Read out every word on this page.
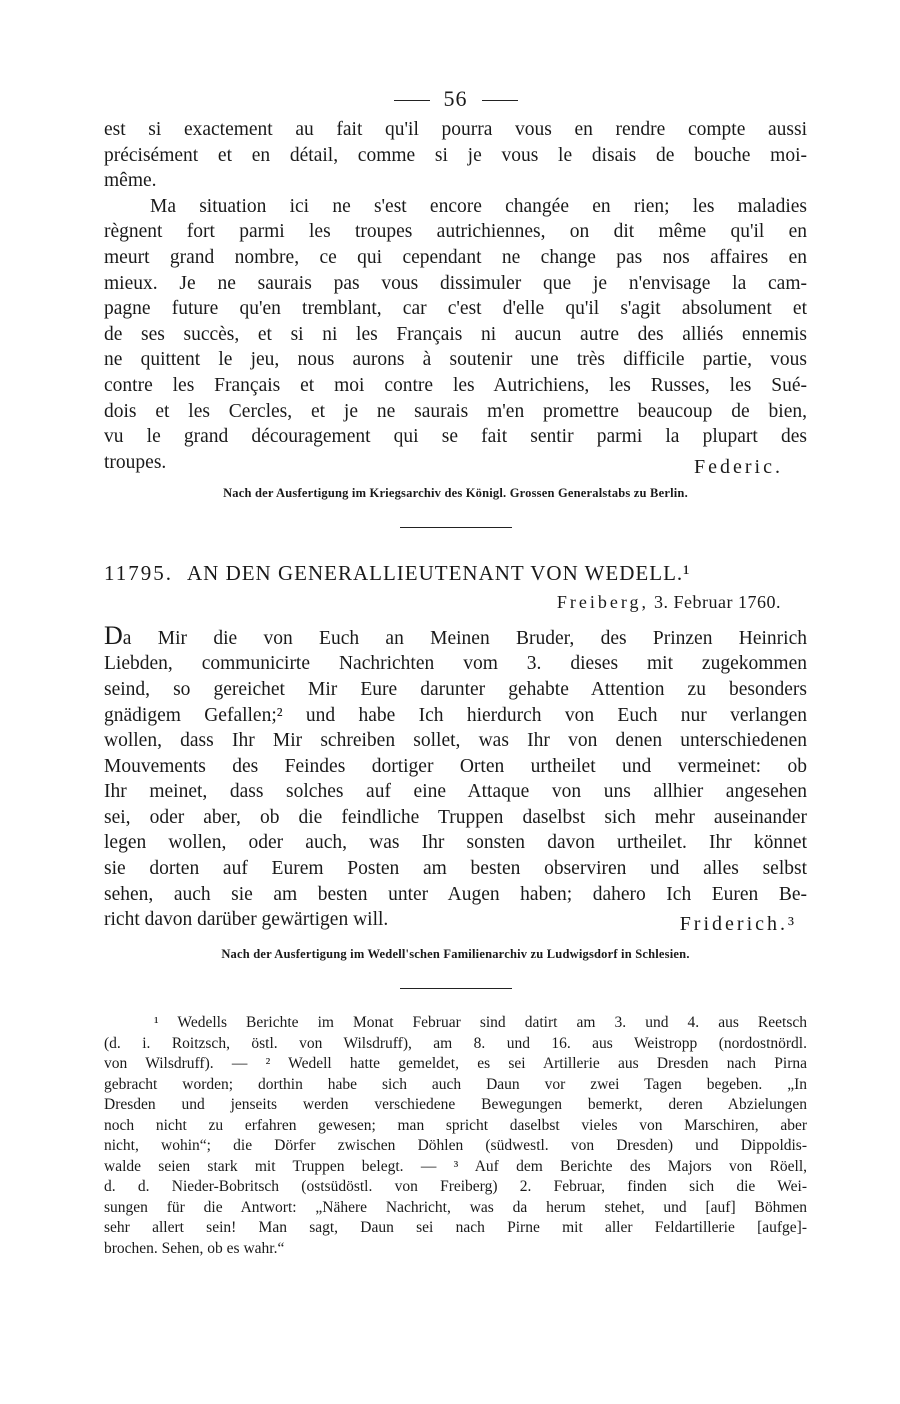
56
est si exactement au fait qu'il pourra vous en rendre compte aussi
précisément et en détail, comme si je vous le disais de bouche moi-
même.
Ma situation ici ne s'est encore changée en rien; les maladies
règnent fort parmi les troupes autrichiennes, on dit même qu'il en
meurt grand nombre, ce qui cependant ne change pas nos affaires en
mieux. Je ne saurais pas vous dissimuler que je n'envisage la cam-
pagne future qu'en tremblant, car c'est d'elle qu'il s'agit absolument et
de ses succès, et si ni les Français ni aucun autre des alliés ennemis
ne quittent le jeu, nous aurons à soutenir une très difficile partie, vous
contre les Français et moi contre les Autrichiens, les Russes, les Sué-
dois et les Cercles, et je ne saurais m'en promettre beaucoup de bien,
vu le grand découragement qui se fait sentir parmi la plupart des
troupes.	Federic.
Nach der Ausfertigung im Kriegsarchiv des Königl. Grossen Generalstabs zu Berlin.
11795. AN DEN GENERALLIEUTENANT VON WEDELL.¹
Freiberg, 3. Februar 1760.
Da Mir die von Euch an Meinen Bruder, des Prinzen Heinrich
Liebden, communicirte Nachrichten vom 3. dieses mit zugekommen
seind, so gereichet Mir Eure darunter gehabte Attention zu besonders
gnädigem Gefallen;² und habe Ich hierdurch von Euch nur verlangen
wollen, dass Ihr Mir schreiben sollet, was Ihr von denen unterschiedenen
Mouvements des Feindes dortiger Orten urtheilet und vermeinet: ob
Ihr meinet, dass solches auf eine Attaque von uns allhier angesehen
sei, oder aber, ob die feindliche Truppen daselbst sich mehr auseinander
legen wollen, oder auch, was Ihr sonsten davon urtheilet. Ihr könnet
sie dorten auf Eurem Posten am besten observiren und alles selbst
sehen, auch sie am besten unter Augen haben; dahero Ich Euren Be-
richt davon darüber gewärtigen will.	Friderich.³
Nach der Ausfertigung im Wedell'schen Familienarchiv zu Ludwigsdorf in Schlesien.
¹ Wedells Berichte im Monat Februar sind datirt am 3. und 4. aus Reetsch
(d. i. Roitzsch, östl. von Wilsdruff), am 8. und 16. aus Weistropp (nordostnördl.
von Wilsdruff). — ² Wedell hatte gemeldet, es sei Artillerie aus Dresden nach Pirna
gebracht worden; dorthin habe sich auch Daun vor zwei Tagen begeben. „In
Dresden und jenseits werden verschiedene Bewegungen bemerkt, deren Abzielungen
noch nicht zu erfahren gewesen; man spricht daselbst vieles von Marschiren, aber
nicht, wohin“; die Dörfer zwischen Döhlen (südwestl. von Dresden) und Dippoldis-
walde seien stark mit Truppen belegt. — ³ Auf dem Berichte des Majors von Röell,
d. d. Nieder-Bobritsch (ostsüdöstl. von Freiberg) 2. Februar, finden sich die Wei-
sungen für die Antwort: „Nähere Nachricht, was da herum stehet, und [auf] Böhmen
sehr allert sein! Man sagt, Daun sei nach Pirne mit aller Feldartillerie [aufge]-
brochen. Sehen, ob es wahr.“
